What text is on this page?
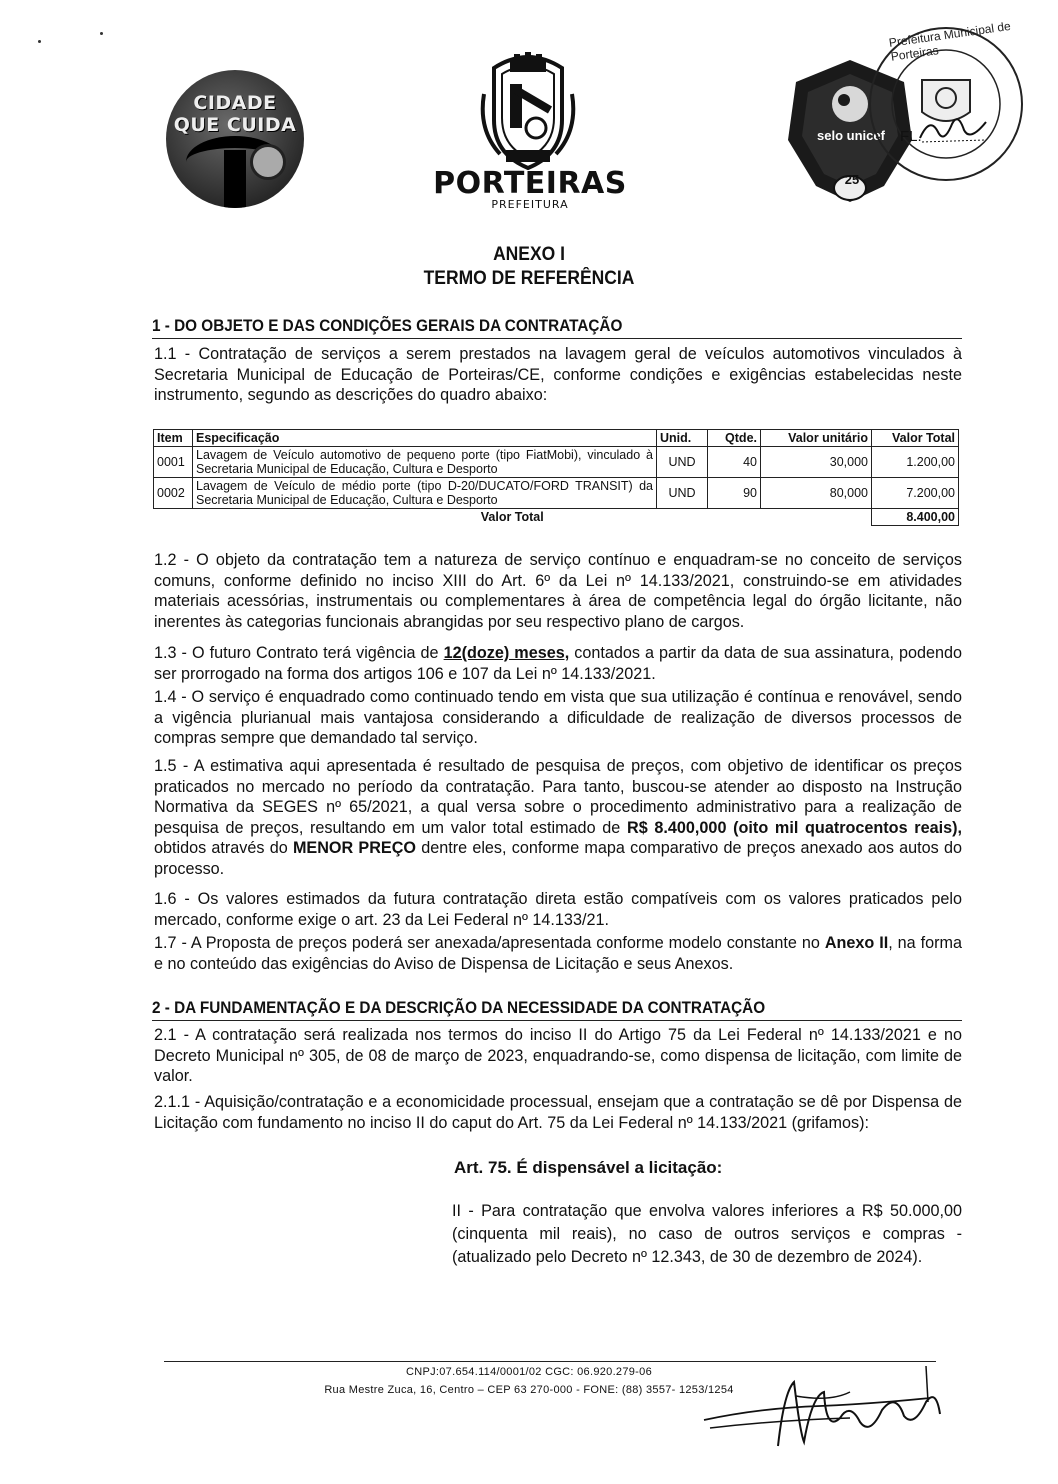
CIDADE
QUE CUIDA
PORTEIRAS
PREFEITURA
selo unicef
25
Prefeitura Municipal de Porteiras
FL.
ANEXO I
TERMO DE REFERÊNCIA
1 - DO OBJETO E DAS CONDIÇÕES GERAIS DA CONTRATAÇÃO
1.1 - Contratação de serviços a serem prestados na lavagem geral de veículos automotivos vinculados à Secretaria Municipal de Educação de Porteiras/CE, conforme condições e exigências estabelecidas neste instrumento, segundo as descrições do quadro abaixo:
Item	Especificação	Unid.	Qtde.	Valor unitário	Valor Total
0001	Lavagem de Veículo automotivo de pequeno porte (tipo FiatMobi), vinculado à Secretaria Municipal de Educação, Cultura e Desporto	UND	40	30,000	1.200,00
0002	Lavagem de Veículo de médio porte (tipo D-20/DUCATO/FORD TRANSIT) da Secretaria Municipal de Educação, Cultura e Desporto	UND	90	80,000	7.200,00
Valor Total					8.400,00
1.2 - O objeto da contratação tem a natureza de serviço contínuo e enquadram-se no conceito de serviços comuns, conforme definido no inciso XIII do Art. 6º da Lei nº 14.133/2021, construindo-se em atividades materiais acessórias, instrumentais ou complementares à área de competência legal do órgão licitante, não inerentes às categorias funcionais abrangidas por seu respectivo plano de cargos.
1.3 - O futuro Contrato terá vigência de 12(doze) meses, contados a partir da data de sua assinatura, podendo ser prorrogado na forma dos artigos 106 e 107 da Lei nº 14.133/2021.
1.4 - O serviço é enquadrado como continuado tendo em vista que sua utilização é contínua e renovável, sendo a vigência plurianual mais vantajosa considerando a dificuldade de realização de diversos processos de compras sempre que demandado tal serviço.
1.5 - A estimativa aqui apresentada é resultado de pesquisa de preços, com objetivo de identificar os preços praticados no mercado no período da contratação. Para tanto, buscou-se atender ao disposto na Instrução Normativa da SEGES nº 65/2021, a qual versa sobre o procedimento administrativo para a realização de pesquisa de preços, resultando em um valor total estimado de R$ 8.400,000 (oito mil quatrocentos reais), obtidos através do MENOR PREÇO dentre eles, conforme mapa comparativo de preços anexado aos autos do processo.
1.6 - Os valores estimados da futura contratação direta estão compatíveis com os valores praticados pelo mercado, conforme exige o art. 23 da Lei Federal nº 14.133/21.
1.7 - A Proposta de preços poderá ser anexada/apresentada conforme modelo constante no Anexo II, na forma e no conteúdo das exigências do Aviso de Dispensa de Licitação e seus Anexos.
2 - DA FUNDAMENTAÇÃO E DA DESCRIÇÃO DA NECESSIDADE DA CONTRATAÇÃO
2.1 - A contratação será realizada nos termos do inciso II do Artigo 75 da Lei Federal nº 14.133/2021 e no Decreto Municipal nº 305, de 08 de março de 2023, enquadrando-se, como dispensa de licitação, com limite de valor.
2.1.1 - Aquisição/contratação e a economicidade processual, ensejam que a contratação se dê por Dispensa de Licitação com fundamento no inciso II do caput do Art. 75 da Lei Federal nº 14.133/2021 (grifamos):
Art. 75. É dispensável a licitação:
II - Para contratação que envolva valores inferiores a R$ 50.000,00 (cinquenta mil reais), no caso de outros serviços e compras - (atualizado pelo Decreto nº 12.343, de 30 de dezembro de 2024).
CNPJ:07.654.114/0001/02 CGC: 06.920.279-06
Rua Mestre Zuca, 16, Centro – CEP 63 270-000 - FONE: (88) 3557- 1253/1254
